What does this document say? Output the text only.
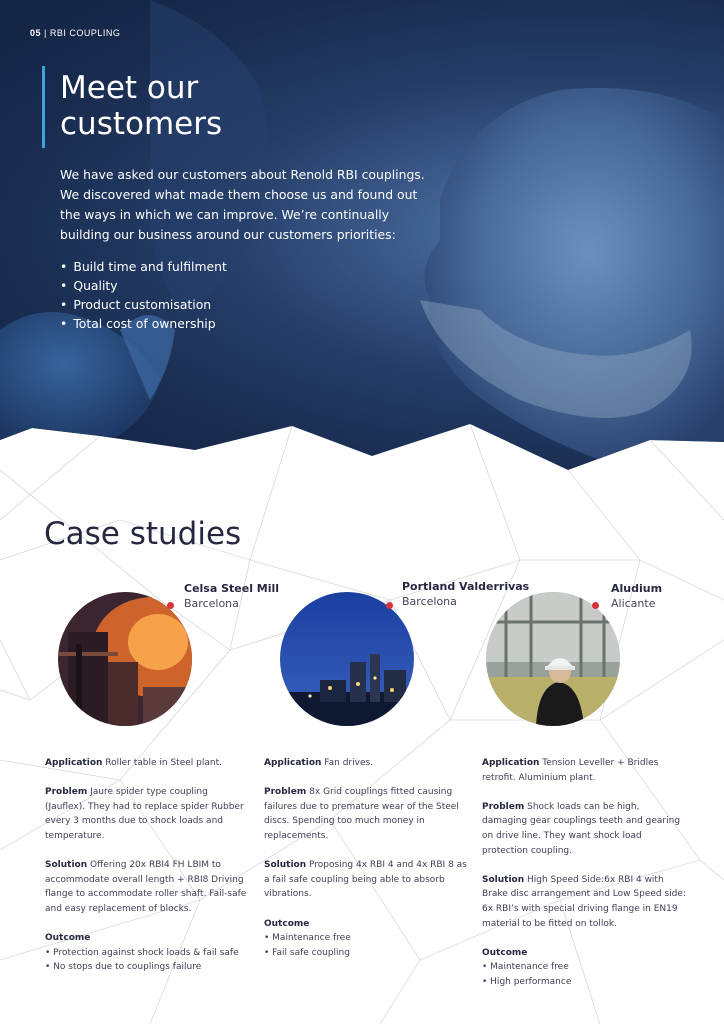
05 | RBI COUPLING
Meet our
customers

We have asked our customers about Renold RBI couplings. We discovered what made them choose us and found out the ways in which we can improve. We’re continually building our business around our customers priorities:

• Build time and fulfilment
• Quality
• Product customisation
• Total cost of ownership
Case studies
Celsa Steel Mill
Barcelona
Portland Valderrivas
Barcelona
Aludium
Alicante

Application Roller table in Steel plant.

Problem Jaure spider type coupling (Jauflex). They had to replace spider Rubber every 3 months due to shock loads and temperature.

Solution Offering 20x RBI4 FH LBIM to accommodate overall length + RBI8 Driving flange to accommodate roller shaft. Fail-safe and easy replacement of blocks.

Outcome
• Protection against shock loads & fail safe
• No stops due to couplings failure

Application Fan drives.

Problem 8x Grid couplings fitted causing failures due to premature wear of the Steel discs. Spending too much money in replacements.

Solution Proposing 4x RBI 4 and 4x RBI 8 as a fail safe coupling being able to absorb vibrations.

Outcome
• Maintenance free
• Fail safe coupling

Application Tension Leveller + Bridles retrofit. Aluminium plant.

Problem Shock loads can be high, damaging gear couplings teeth and gearing on drive line. They want shock load protection coupling.

Solution High Speed Side:6x RBI 4 with Brake disc arrangement and Low Speed side: 6x RBI’s with special driving flange in EN19 material to be fitted on tollok.

Outcome
• Maintenance free
• High performance
